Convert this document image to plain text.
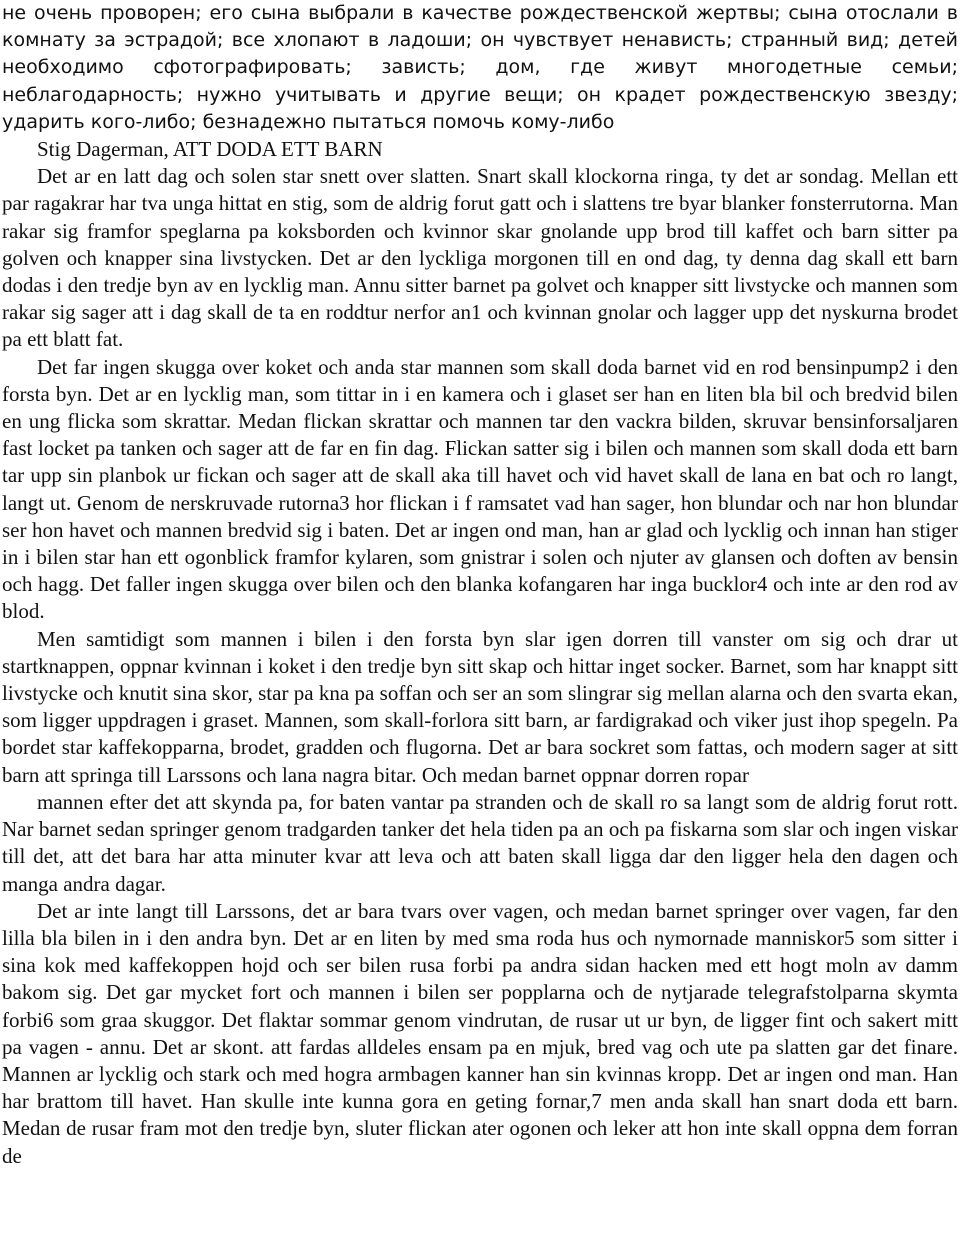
не очень проворен; его сына выбрали в качестве рождественской жертвы; сына отослали в комнату за эстрадой; все хлопают в ладоши; он чувствует ненависть; странный вид; детей необходимо сфотографировать; зависть; дом, где живут многодетные семьи; неблагодарность; нужно учитывать и другие вещи; он крадет рождественскую звезду; ударить кого-либо; безнадежно пытаться помочь кому-либо

Stig Dagerman, ATT DODA ETT BARN

Det ar en latt dag och solen star snett over slatten. Snart skall klockorna ringa, ty det ar sondag. Mellan ett par ragakrar har tva unga hittat en stig, som de aldrig forut gatt och i slattens tre byar blanker fonsterrutorna. Man rakar sig framfor speglarna pa koksborden och kvinnor skar gnolande upp brod till kaffet och barn sitter pa golven och knapper sina livstycken. Det ar den lyckliga morgonen till en ond dag, ty denna dag skall ett barn dodas i den tredje byn av en lycklig man. Annu sitter barnet pa golvet och knapper sitt livstycke och mannen som rakar sig sager att i dag skall de ta en roddtur nerfor an1 och kvinnan gnolar och lagger upp det nyskurna brodet pa ett blatt fat.

Det far ingen skugga over koket och anda star mannen som skall doda barnet vid en rod bensinpump2 i den forsta byn. Det ar en lycklig man, som tittar in i en kamera och i glaset ser han en liten bla bil och bredvid bilen en ung flicka som skrattar. Medan flickan skrattar och mannen tar den vackra bilden, skruvar bensinforsaljaren fast locket pa tanken och sager att de far en fin dag. Flickan satter sig i bilen och mannen som skall doda ett barn tar upp sin planbok ur fickan och sager att de skall aka till havet och vid havet skall de lana en bat och ro langt, langt ut. Genom de nerskruvade rutorna3 hor flickan i f ramsatet vad han sager, hon blundar och nar hon blundar ser hon havet och mannen bredvid sig i baten. Det ar ingen ond man, han ar glad och lycklig och innan han stiger in i bilen star han ett ogonblick framfor kylaren, som gnistrar i solen och njuter av glansen och doften av bensin och hagg. Det faller ingen skugga over bilen och den blanka kofangaren har inga bucklor4 och inte ar den rod av blod.

Men samtidigt som mannen i bilen i den forsta byn slar igen dorren till vanster om sig och drar ut startknappen, oppnar kvinnan i koket i den tredje byn sitt skap och hittar inget socker. Barnet, som har knappt sitt livstycke och knutit sina skor, star pa kna pa soffan och ser an som slingrar sig mellan alarna och den svarta ekan, som ligger uppdragen i graset. Mannen, som skall-forlora sitt barn, ar fardigrakad och viker just ihop spegeln. Pa bordet star kaffekopparna, brodet, gradden och flugorna. Det ar bara sockret som fattas, och modern sager at sitt barn att springa till Larssons och lana nagra bitar. Och medan barnet oppnar dorren ropar

mannen efter det att skynda pa, for baten vantar pa stranden och de skall ro sa langt som de aldrig forut rott. Nar barnet sedan springer genom tradgarden tanker det hela tiden pa an och pa fiskarna som slar och ingen viskar till det, att det bara har atta minuter kvar att leva och att baten skall ligga dar den ligger hela den dagen och manga andra dagar.

Det ar inte langt till Larssons, det ar bara tvars over vagen, och medan barnet springer over vagen, far den lilla bla bilen in i den andra byn. Det ar en liten by med sma roda hus och nymornade manniskor5 som sitter i sina kok med kaffekoppen hojd och ser bilen rusa forbi pa andra sidan hacken med ett hogt moln av damm bakom sig. Det gar mycket fort och mannen i bilen ser popplarna och de nytjarade telegrafstolparna skymta forbi6 som graa skuggor. Det flaktar sommar genom vindrutan, de rusar ut ur byn, de ligger fint och sakert mitt pa vagen - annu. Det ar skont. att fardas alldeles ensam pa en mjuk, bred vag och ute pa slatten gar det finare. Mannen ar lycklig och stark och med hogra armbagen kanner han sin kvinnas kropp. Det ar ingen ond man. Han har brattom till havet. Han skulle inte kunna gora en geting fornar,7 men anda skall han snart doda ett barn. Medan de rusar fram mot den tredje byn, sluter flickan ater ogonen och leker att hon inte skall oppna dem forran de
